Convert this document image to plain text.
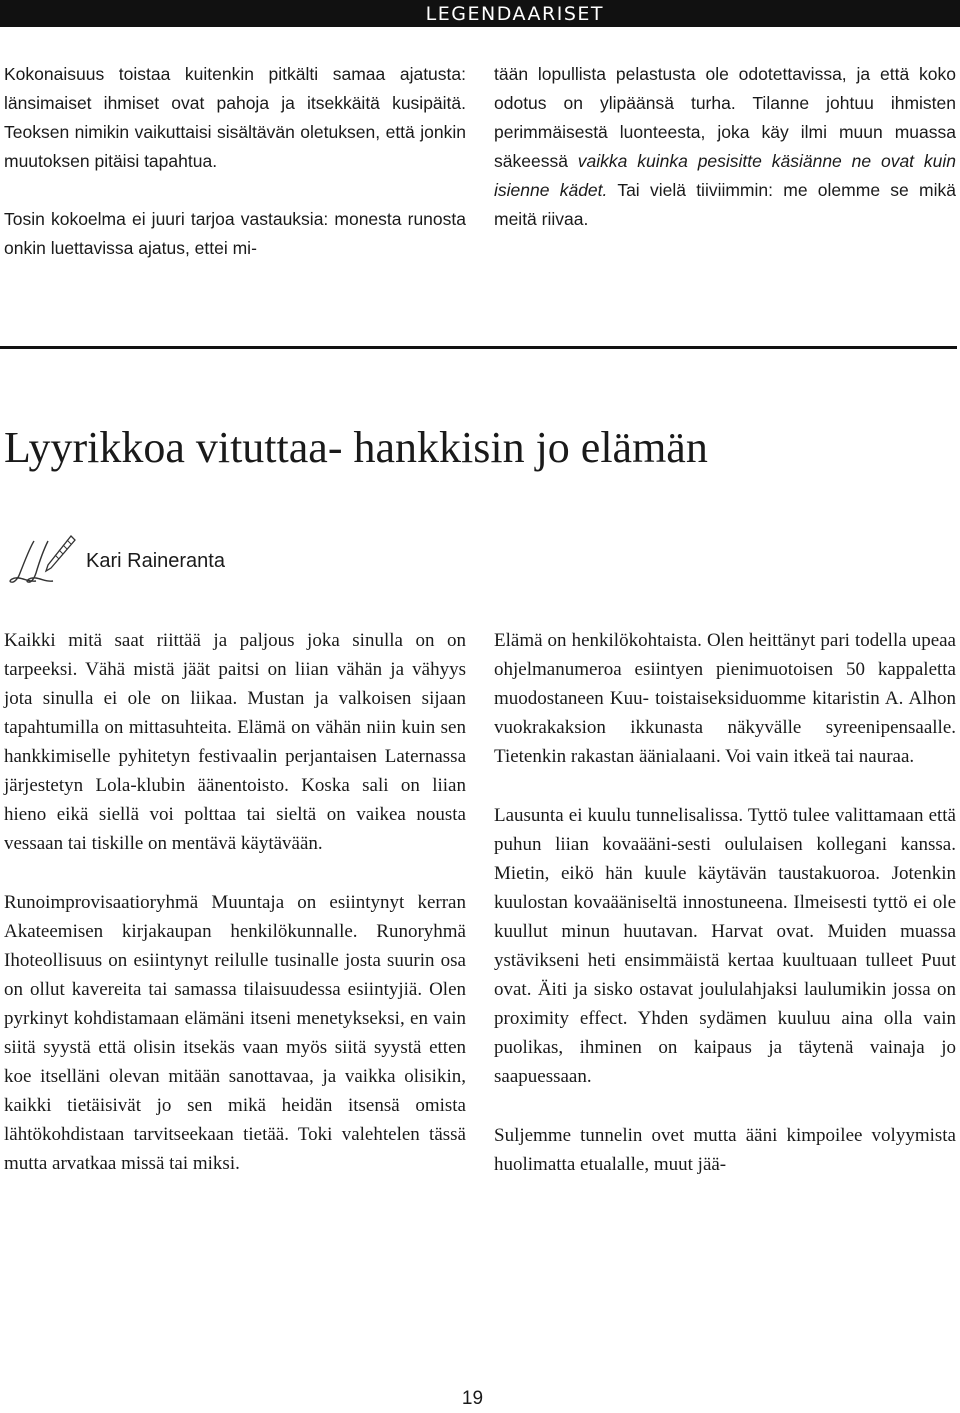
LEGENDAARISET

Kokonaisuus toistaa kuitenkin pitkälti samaa ajatusta: länsimaiset ihmiset ovat pahoja ja itsekkäitä kusipäitä. Teoksen nimikin vaikuttaisi sisältävän oletuksen, että jonkin muutoksen pitäisi tapahtua.

Tosin kokoelma ei juuri tarjoa vastauksia: monesta runosta onkin luettavissa ajatus, ettei mi-

tään lopullista pelastusta ole odotettavissa, ja että koko odotus on ylipäänsä turha. Tilanne johtuu ihmisten perimmäisestä luonteesta, joka käy ilmi muun muassa säkeessä vaikka kuinka pesisitte käsiänne ne ovat kuin isienne kädet. Tai vielä tiiviimmin: me olemme se mikä meitä riivaa.

Lyyrikkoa vituttaa- hankkisin jo elämän
Kari Raineranta

Kaikki mitä saat riittää ja paljous joka sinulla on on tarpeeksi. Vähä mistä jäät paitsi on liian vähän ja vähyys jota sinulla ei ole on liikaa. Mustan ja valkoisen sijaan tapahtumilla on mittasuhteita. Elämä on vähän niin kuin sen hankkimiselle pyhitetyn festivaalin perjantaisen Laternassa järjestetyn Lola-klubin äänentoisto. Koska sali on liian hieno eikä siellä voi polttaa tai sieltä on vaikea nousta vessaan tai tiskille on mentävä käytävään.

Runoimprovisaatioryhmä Muuntaja on esiintynyt kerran Akateemisen kirjakaupan henkilökunnalle. Runoryhmä Ihoteollisuus on esiintynyt reilulle tusinalle josta suurin osa on ollut kavereita tai samassa tilaisuudessa esiintyjiä. Olen pyrkinyt kohdistamaan elämäni itseni menetykseksi, en vain siitä syystä että olisin itsekäs vaan myös siitä syystä etten koe itselläni olevan mitään sanottavaa, ja vaikka olisikin, kaikki tietäisivät jo sen mikä heidän itsensä omista lähtökohdistaan tarvitseekaan tietää. Toki valehtelen tässä mutta arvatkaa missä tai miksi.

Elämä on henkilökohtaista. Olen heittänyt pari todella upeaa ohjelmanumeroa esiintyen pienimuotoisen 50 kappaletta muodostaneen Kuu- toistaiseksiduomme kitaristin A. Alhon vuokrakaksion ikkunasta näkyvälle syreenipensaalle. Tietenkin rakastan äänialaani. Voi vain itkeä tai nauraa.

Lausunta ei kuulu tunnelisalissa. Tyttö tulee valittamaan että puhun liian kovaääni-sesti oululaisen kollegani kanssa. Mietin, eikö hän kuule käytävän taustakuoroa. Jotenkin kuulostan kovaääniseltä innostuneena. Ilmeisesti tyttö ei ole kuullut minun huutavan. Harvat ovat. Muiden muassa ystävikseni heti ensimmäistä kertaa kuultuaan tulleet Puut ovat. Äiti ja sisko ostavat joululahjaksi laulumikin jossa on proximity effect. Yhden sydämen kuuluu aina olla vain puolikas, ihminen on kaipaus ja täytenä vainaja jo saapuessaan.

Suljemme tunnelin ovet mutta ääni kimpoilee volyymista huolimatta etualalle, muut jää-

19
